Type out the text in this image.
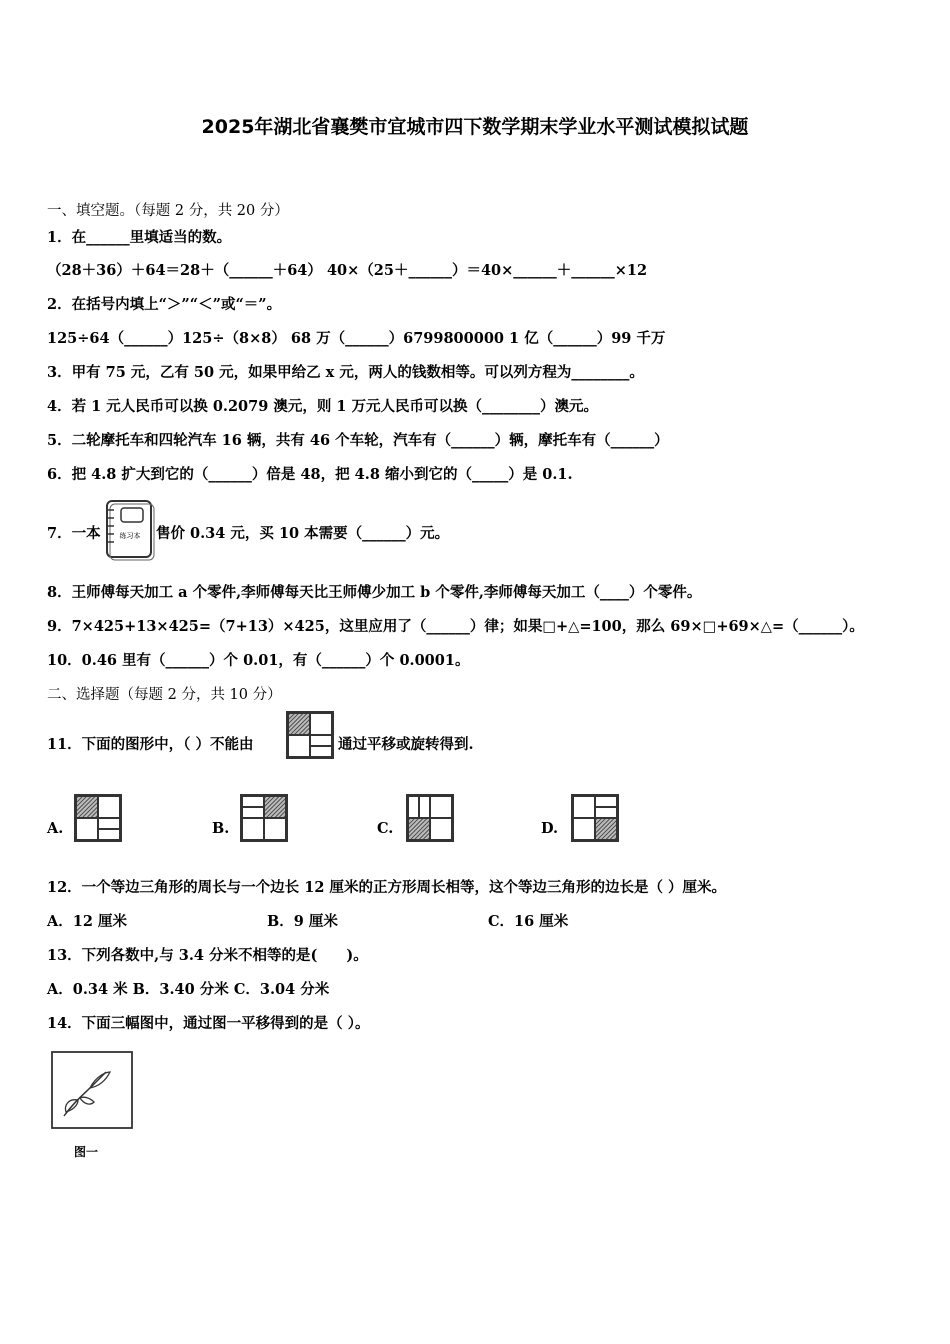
2025年湖北省襄樊市宜城市四下数学期末学业水平测试模拟试题
一、填空题。（每题 2 分，共 20 分）
1．在______里填适当的数。
（28＋36）＋64＝28＋（______＋64） 40×（25＋______）＝40×______＋______×12
2．在括号内填上“＞”“＜”或“＝”。
125÷64（______）125÷（8×8） 68 万（______）6799800000 1 亿（______）99 千万
3．甲有 75 元，乙有 50 元，如果甲给乙 x 元，两人的钱数相等。可以列方程为________。
4．若 1 元人民币可以换 0.2079 澳元，则 1 万元人民币可以换（________）澳元。
5．二轮摩托车和四轮汽车 16 辆，共有 46 个车轮，汽车有（______）辆，摩托车有（______）
6．把 4.8 扩大到它的（______）倍是 48，把 4.8 缩小到它的（_____）是 0.1.
7．一本	练习本 售价 0.34 元，买 10 本需要（______）元。
8．王师傅每天加工 a 个零件,李师傅每天比王师傅少加工 b 个零件,李师傅每天加工（____）个零件。
9．7×425+13×425=（7+13）×425，这里应用了（______）律；如果□+△=100，那么 69×□+69×△=（______）。
10．0.46 里有（______）个 0.01，有（______）个 0.0001。
二、选择题（每题 2 分，共 10 分）
11．下面的图形中，（ ）不能由	通过平移或旋转得到.
A.	B.	C.	D.
12．一个等边三角形的周长与一个边长 12 厘米的正方形周长相等，这个等边三角形的边长是（ ）厘米。
A．12 厘米	B．9 厘米	C．16 厘米
13．下列各数中,与 3.4 分米不相等的是(　　)。
A．0.34 米 B．3.40 分米 C．3.04 分米
14．下面三幅图中，通过图一平移得到的是（ ）。
图一
